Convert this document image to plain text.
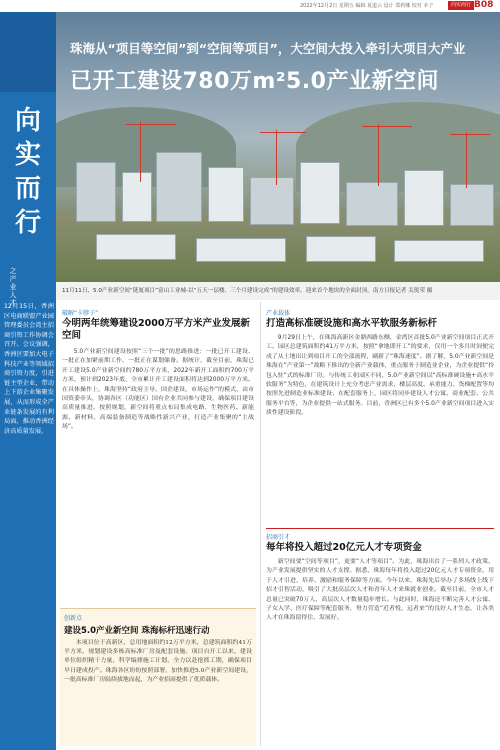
2022年12月2日 星期五 编辑 夏道云 设计 郑莉娜 校对 本子	向实而行 B08
向
实
而
行
之产业人才
12月15日，香洲区电商联盟产业园管理委员会湾主招商引资工作协调会召开。会议强调，香洲区要加大电子科技产业等领域招商引资力度，引进链主型企业，带动上下游企业集聚发展，从而形成全产业链条发展的有利局面，推动香洲经济高质量发展。
珠海从“项目等空间”到“空间等项目”，大空间大投入牵引大项目大产业
已开工建设780万m²5.0产业新空间
11月11日，5.0产业新空间“链厦项目”富山工业城-以“五天一层楼、三个月建设完成”的建设效率，迎来首个地块的全面封顶。南方日报记者 关锐荣 摄
破解“卡脖子”
今明两年统筹建设2000万平方米产业发展新空间
5.0产业新空间建设按照“三个一批”的思路推进：一批已开工建设、一批正在加紧前期工作、一批正在谋划储备。据统计，截至目前，珠海已开工建设5.0产业新空间约780万平方米，2022年新开工面积约700万平方米，预计到2023年底，全市累计开工建设面积将达到2000万平方米。在具体操作上，珠海坚持“政府主导、国企建设、市场运作”的模式，由市国资委牵头，协调各区（功能区）国有企业共同参与建设，确保项目建设高质量推进。按照规划，新空间将重点布局集成电路、生物医药、新能源、新材料、高端装备制造等战略性新兴产业，打造产业集聚的“主战场”。
产业载体
打造高标准硬设施和高水平软服务新标杆
9月29日上午，在珠海高新区金鼎西路东侧，金湾区首批5.0产业新空间项目正式开工。园区总建筑面积约41万平方米，按照“拿地即开工”的要求，仅用一个多月时间便完成了从土地出让到项目开工的全部流程，刷新了“珠海速度”。据了解，5.0产业新空间是珠海在“产业第一”战略下推出的全新产业载体，重点服务于制造业企业，为企业提供“拎包入驻”式的标准厂房。与传统工业园区不同，5.0产业新空间以“高标准硬设施+高水平软服务”为特色，在建筑设计上充分考虑产业需求，楼层高度、承重能力、货梯配置等均按照先进制造业标准建设；在配套服务上，园区将同步建设人才公寓、商业配套、公共服务平台等，为企业提供一站式服务。目前，香洲区已有多个5.0产业新空间项目进入实质性建设阶段。
招商引才
每年将投入超过20亿元人才专项资金
新空间要“空间等项目”，更要“人才等项目”。为此，珠海出台了一系列人才政策，为产业发展提供坚实的人才支撑。据悉，珠海每年将投入超过20亿元人才专项资金，用于人才引进、培养、激励和服务保障等方面。今年以来，珠海先后举办了多场线上线下招才引智活动，吸引了大批高层次人才和青年人才来珠就业创业。截至目前，全市人才总量已突破70万人，高层次人才数量稳步增长。与此同时，珠海还不断完善人才公寓、子女入学、医疗保障等配套服务，努力营造“近者悦、远者来”的良好人才生态，让各类人才在珠海留得住、发展好。
创新点
建设5.0产业新空间 珠海标杆迅速行动
本项目位于高新区，总用地面积约12万平方米，总建筑面积约41万平方米，规划建设多栋高标准厂房及配套设施。项目自开工以来，建设单位组织精干力量，科学编排施工计划，全力以赴抢抓工期，确保项目早日建成投产。珠海各区纷纷按照部署，加快推进5.0产业新空间建设，一批高标准厂房陆续拔地而起，为产业招商提供了优质载体。
